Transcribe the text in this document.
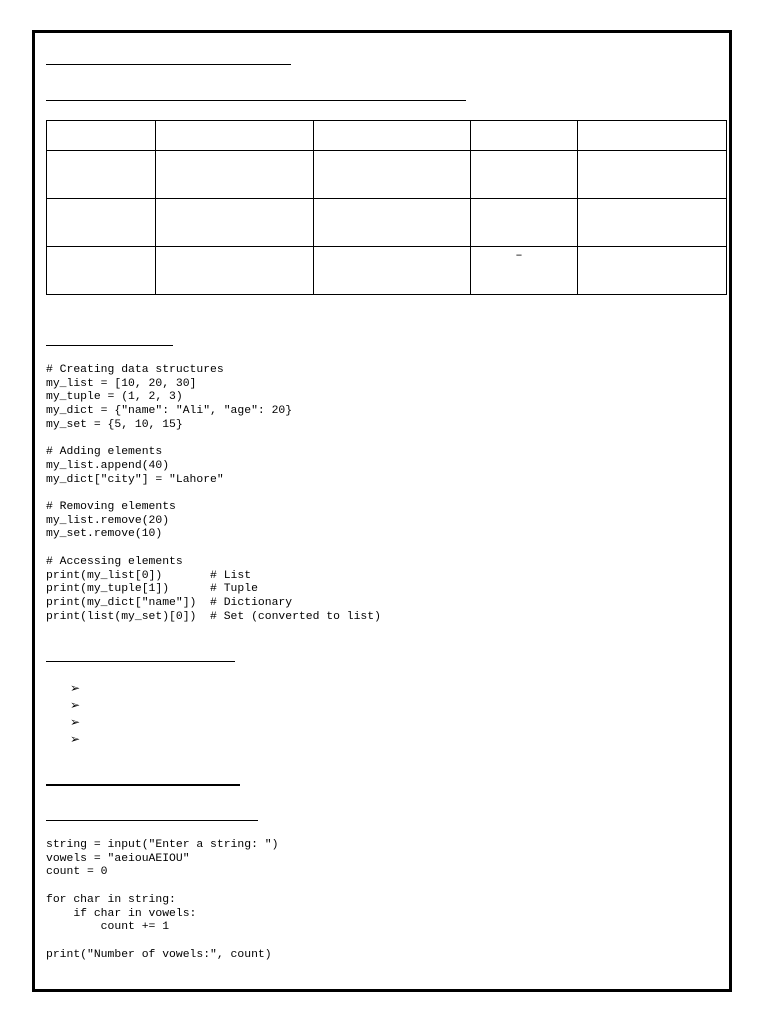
			–	

# Creating data structures
my_list = [10, 20, 30]
my_tuple = (1, 2, 3)
my_dict = {"name": "Ali", "age": 20}
my_set = {5, 10, 15}

# Adding elements
my_list.append(40)
my_dict["city"] = "Lahore"

# Removing elements
my_list.remove(20)
my_set.remove(10)

# Accessing elements
print(my_list[0])       # List
print(my_tuple[1])      # Tuple
print(my_dict["name"])  # Dictionary
print(list(my_set)[0])  # Set (converted to list)
➢
➢
➢
➢
string = input("Enter a string: ")
vowels = "aeiouAEIOU"
count = 0

for char in string:
if char in vowels:
count += 1

print("Number of vowels:", count)
